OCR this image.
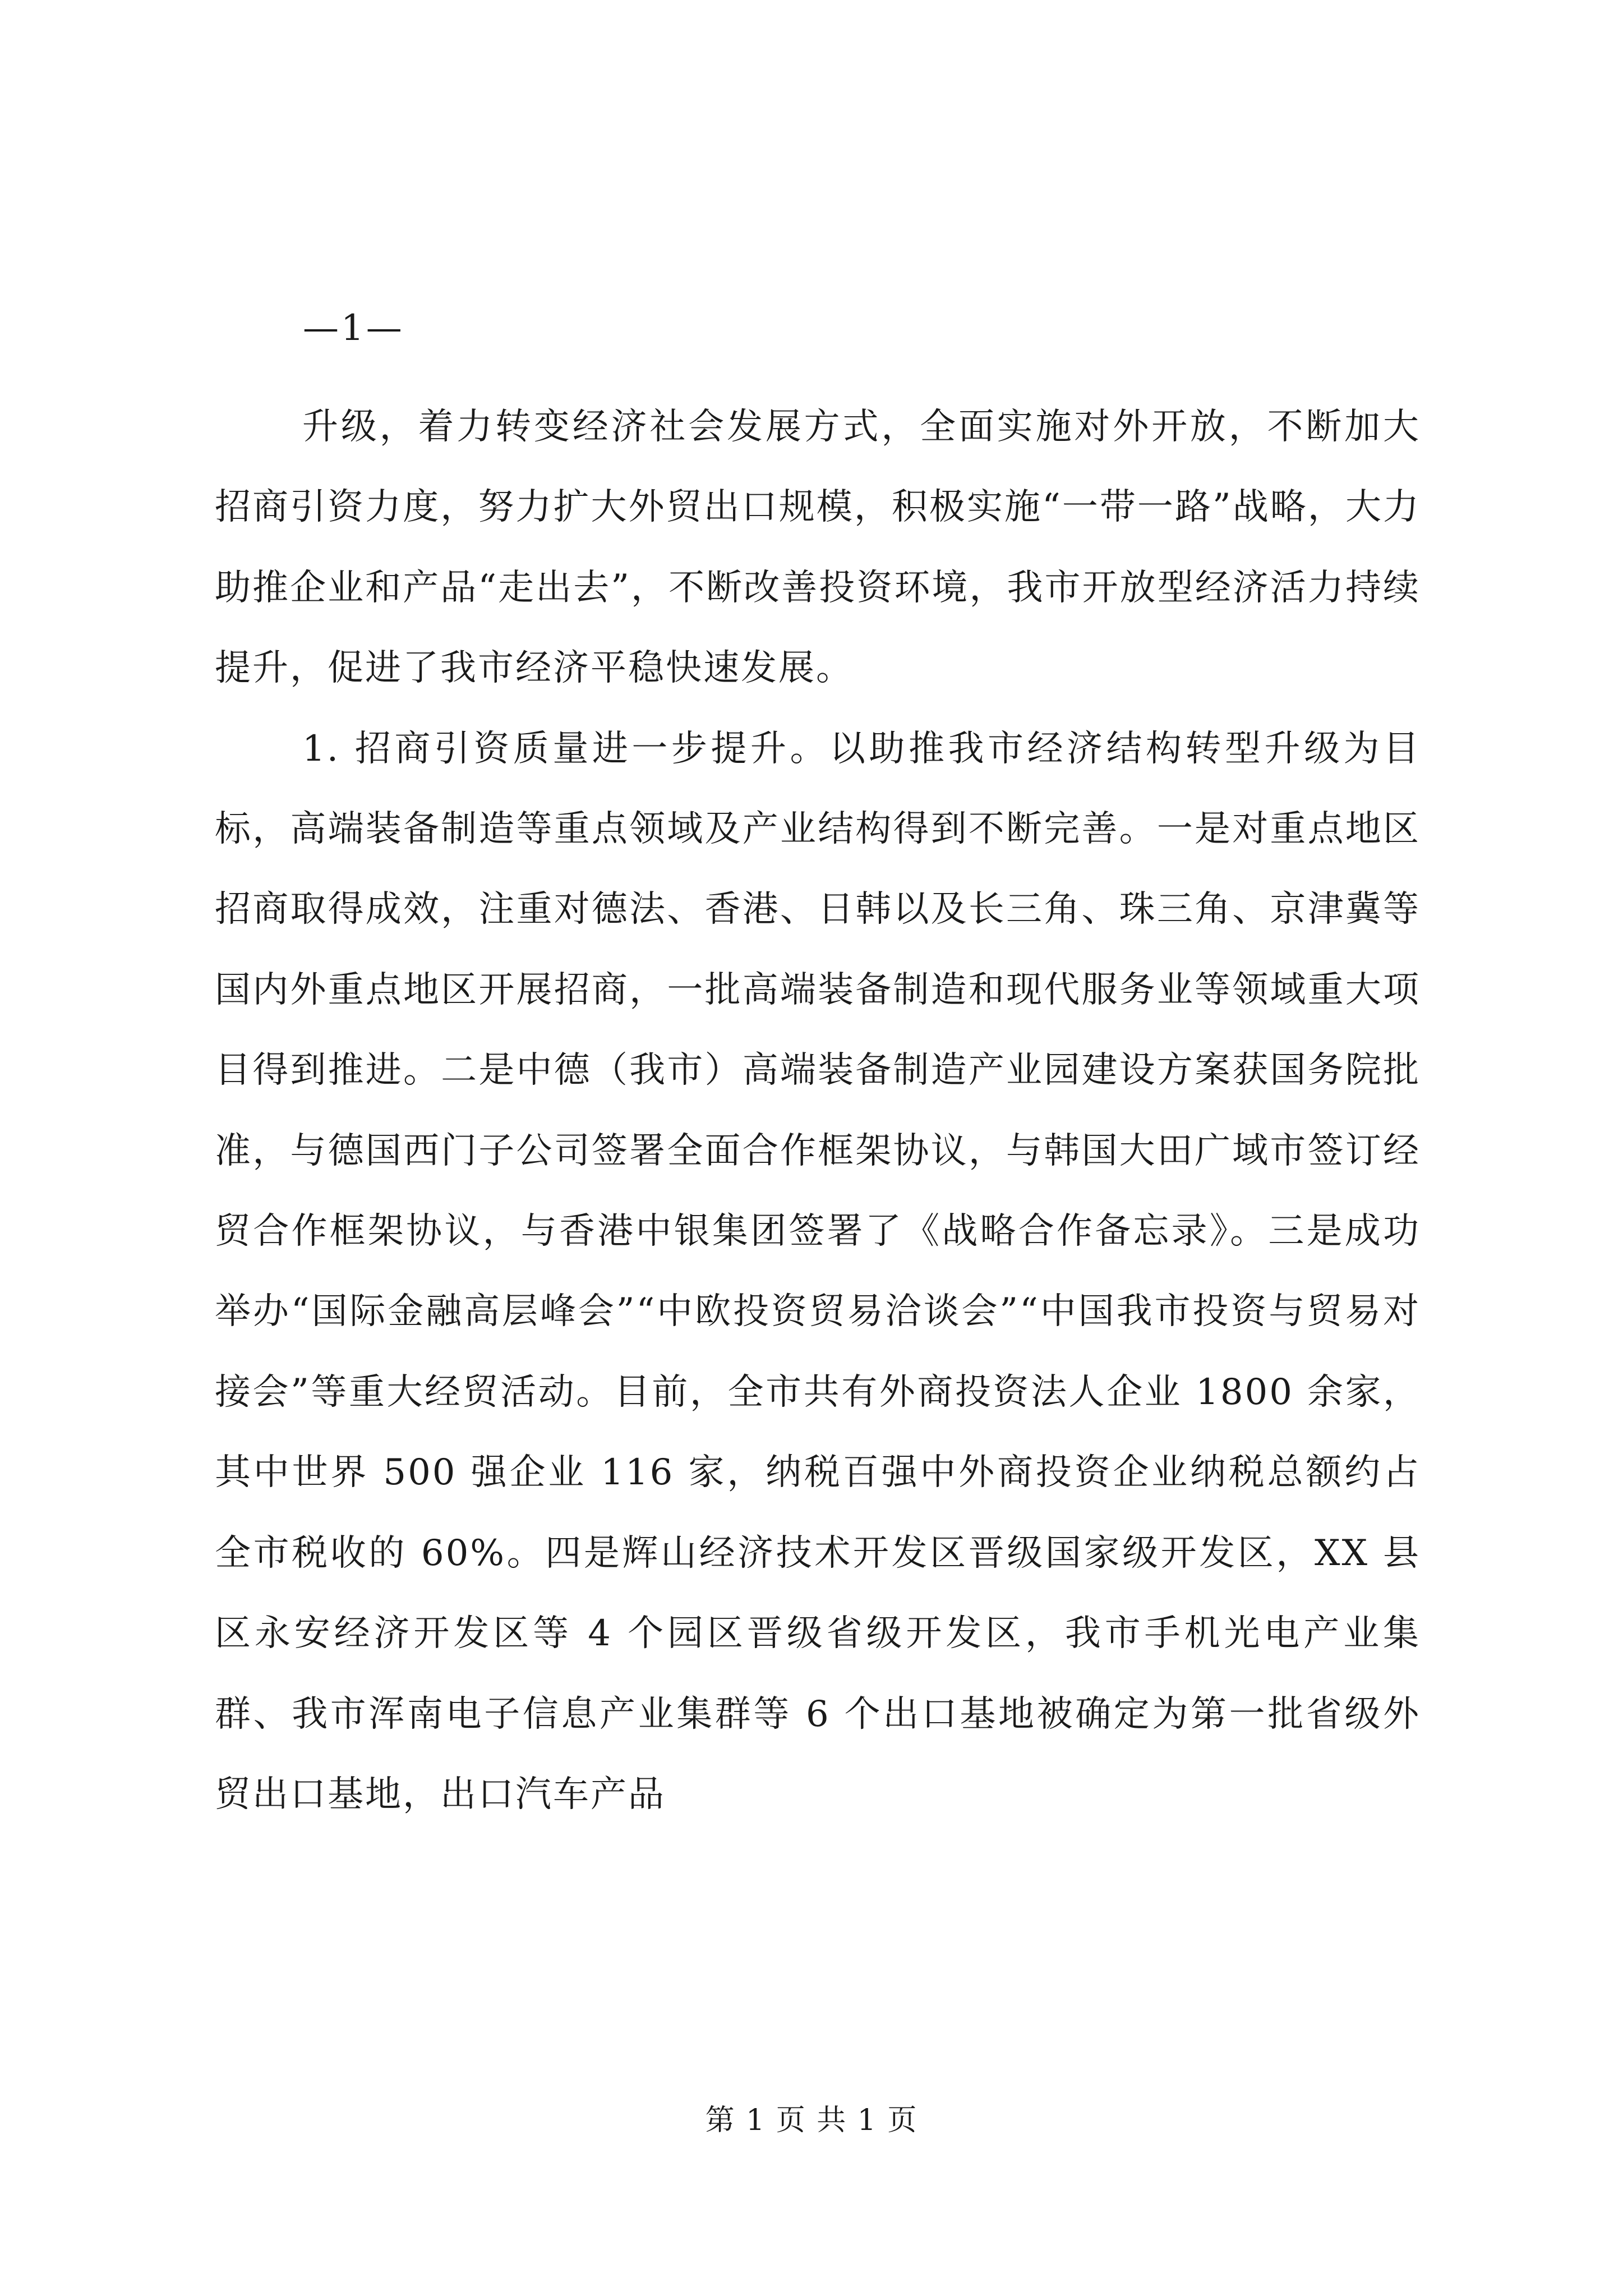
—1—

升级，着力转变经济社会发展方式，全面实施对外开放，不断加大招商引资力度，努力扩大外贸出口规模，积极实施“一带一路”战略，大力助推企业和产品“走出去”，不断改善投资环境，我市开放型经济活力持续提升，促进了我市经济平稳快速发展。

1. 招商引资质量进一步提升。以助推我市经济结构转型升级为目标，高端装备制造等重点领域及产业结构得到不断完善。一是对重点地区招商取得成效，注重对德法、香港、日韩以及长三角、珠三角、京津冀等国内外重点地区开展招商，一批高端装备制造和现代服务业等领域重大项目得到推进。二是中德（我市）高端装备制造产业园建设方案获国务院批准，与德国西门子公司签署全面合作框架协议，与韩国大田广域市签订经贸合作框架协议，与香港中银集团签署了《战略合作备忘录》。三是成功举办“国际金融高层峰会”“中欧投资贸易洽谈会”“中国我市投资与贸易对接会”等重大经贸活动。目前，全市共有外商投资法人企业 1800 余家，其中世界 500 强企业 116 家，纳税百强中外商投资企业纳税总额约占全市税收的 60%。四是辉山经济技术开发区晋级国家级开发区，XX 县区永安经济开发区等 4 个园区晋级省级开发区，我市手机光电产业集群、我市浑南电子信息产业集群等 6 个出口基地被确定为第一批省级外贸出口基地，出口汽车产品

第 1 页 共 1 页
